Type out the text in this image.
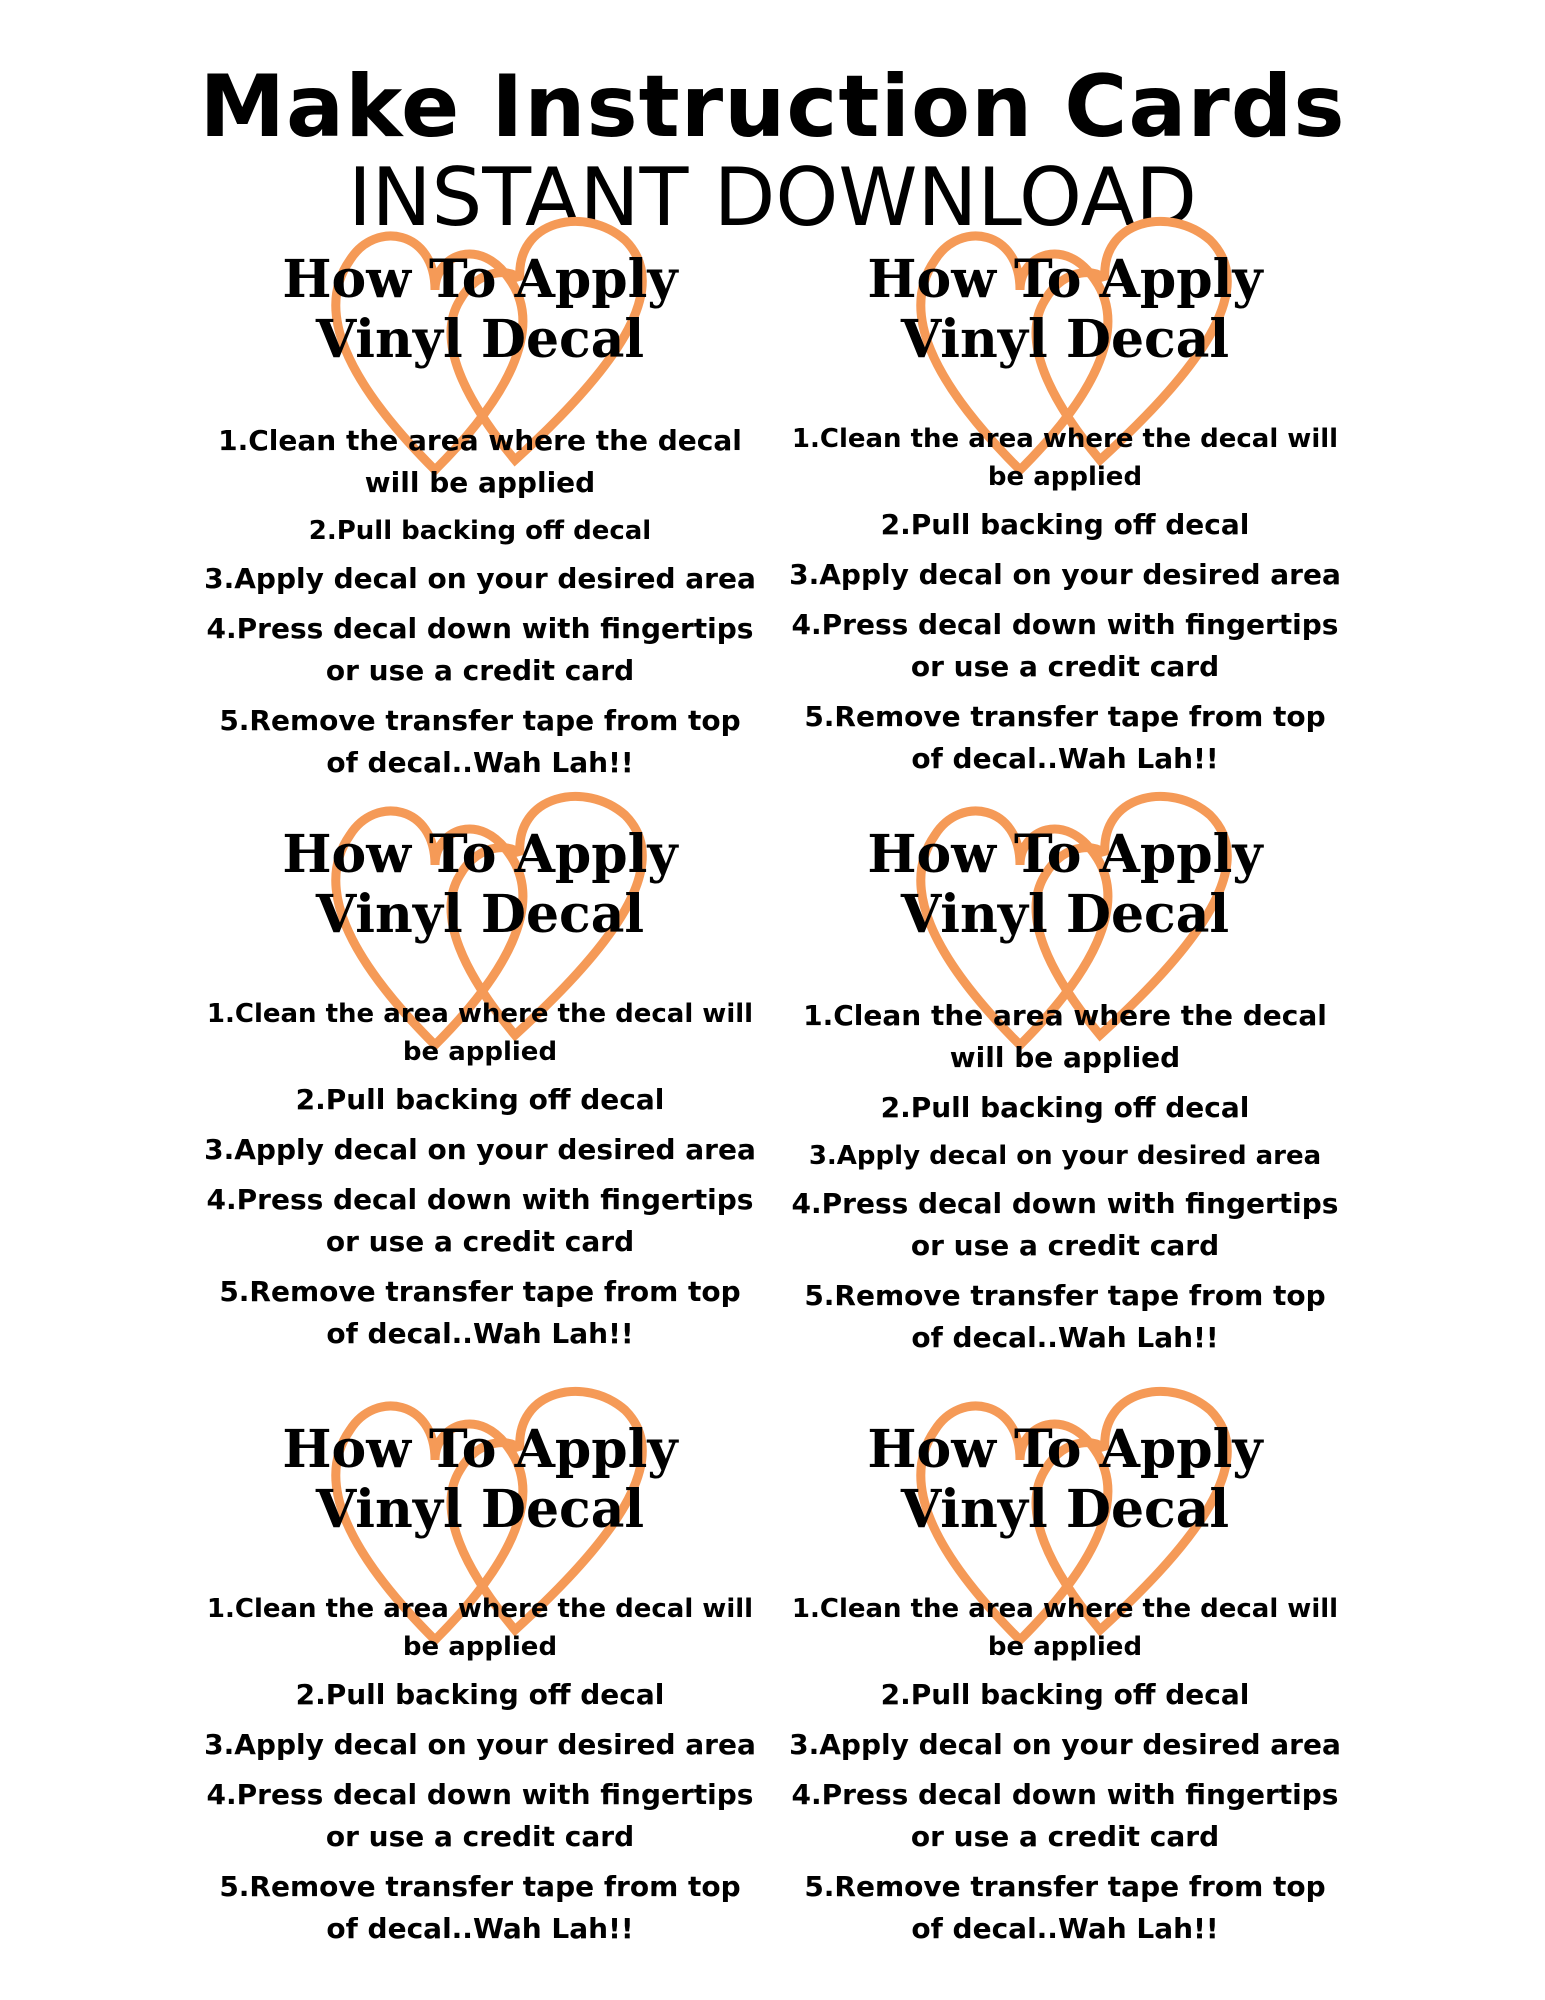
Make Instruction Cards
INSTANT DOWNLOAD
How To Apply
Vinyl Decal
1.Clean the area where the decal will be applied
2.Pull backing off decal
3.Apply decal on your desired area
4.Press decal down with fingertips or use a credit card
5.Remove transfer tape from top of decal..Wah Lah!!
How To Apply
Vinyl Decal
1.Clean the area where the decal will be applied
2.Pull backing off decal
3.Apply decal on your desired area
4.Press decal down with fingertips or use a credit card
5.Remove transfer tape from top of decal..Wah Lah!!
How To Apply
Vinyl Decal
1.Clean the area where the decal will be applied
2.Pull backing off decal
3.Apply decal on your desired area
4.Press decal down with fingertips or use a credit card
5.Remove transfer tape from top of decal..Wah Lah!!
How To Apply
Vinyl Decal
1.Clean the area where the decal will be applied
2.Pull backing off decal
3.Apply decal on your desired area
4.Press decal down with fingertips or use a credit card
5.Remove transfer tape from top of decal..Wah Lah!!
How To Apply
Vinyl Decal
1.Clean the area where the decal will be applied
2.Pull backing off decal
3.Apply decal on your desired area
4.Press decal down with fingertips or use a credit card
5.Remove transfer tape from top of decal..Wah Lah!!
How To Apply
Vinyl Decal
1.Clean the area where the decal will be applied
2.Pull backing off decal
3.Apply decal on your desired area
4.Press decal down with fingertips or use a credit card
5.Remove transfer tape from top of decal..Wah Lah!!
